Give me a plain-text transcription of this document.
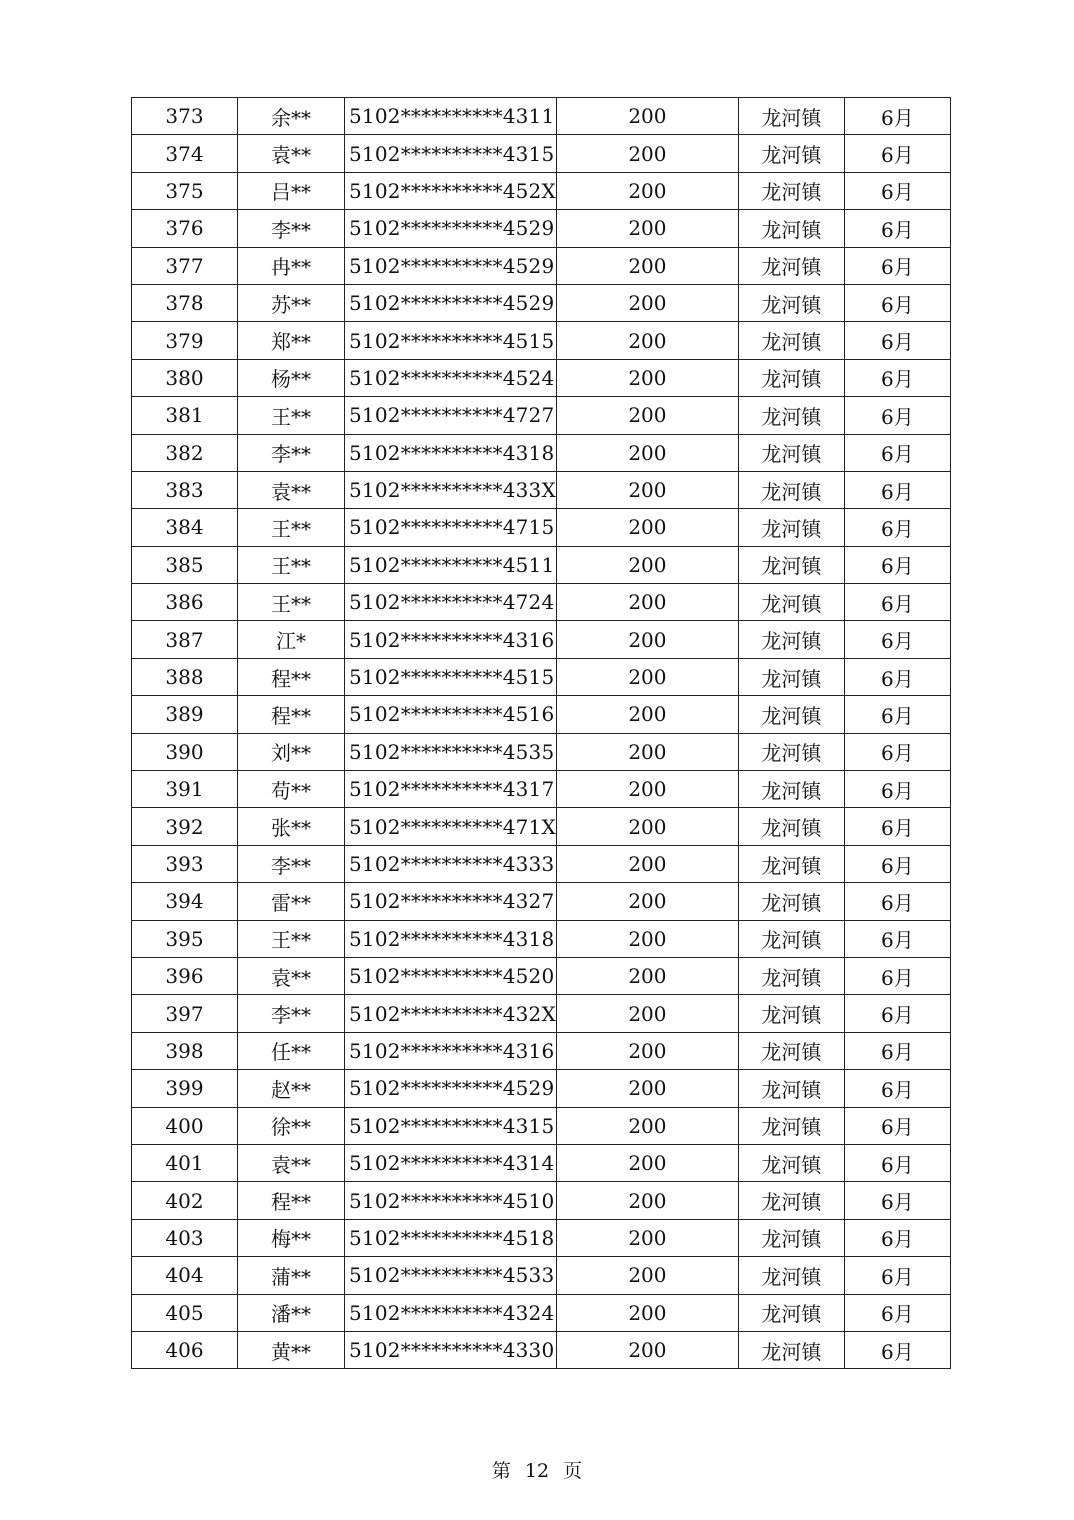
373	余**	5102**********4311	200	龙河镇	6月
374	袁**	5102**********4315	200	龙河镇	6月
375	吕**	5102**********452X	200	龙河镇	6月
376	李**	5102**********4529	200	龙河镇	6月
377	冉**	5102**********4529	200	龙河镇	6月
378	苏**	5102**********4529	200	龙河镇	6月
379	郑**	5102**********4515	200	龙河镇	6月
380	杨**	5102**********4524	200	龙河镇	6月
381	王**	5102**********4727	200	龙河镇	6月
382	李**	5102**********4318	200	龙河镇	6月
383	袁**	5102**********433X	200	龙河镇	6月
384	王**	5102**********4715	200	龙河镇	6月
385	王**	5102**********4511	200	龙河镇	6月
386	王**	5102**********4724	200	龙河镇	6月
387	江*	5102**********4316	200	龙河镇	6月
388	程**	5102**********4515	200	龙河镇	6月
389	程**	5102**********4516	200	龙河镇	6月
390	刘**	5102**********4535	200	龙河镇	6月
391	苟**	5102**********4317	200	龙河镇	6月
392	张**	5102**********471X	200	龙河镇	6月
393	李**	5102**********4333	200	龙河镇	6月
394	雷**	5102**********4327	200	龙河镇	6月
395	王**	5102**********4318	200	龙河镇	6月
396	袁**	5102**********4520	200	龙河镇	6月
397	李**	5102**********432X	200	龙河镇	6月
398	任**	5102**********4316	200	龙河镇	6月
399	赵**	5102**********4529	200	龙河镇	6月
400	徐**	5102**********4315	200	龙河镇	6月
401	袁**	5102**********4314	200	龙河镇	6月
402	程**	5102**********4510	200	龙河镇	6月
403	梅**	5102**********4518	200	龙河镇	6月
404	蒲**	5102**********4533	200	龙河镇	6月
405	潘**	5102**********4324	200	龙河镇	6月
406	黄**	5102**********4330	200	龙河镇	6月
第 12 页
